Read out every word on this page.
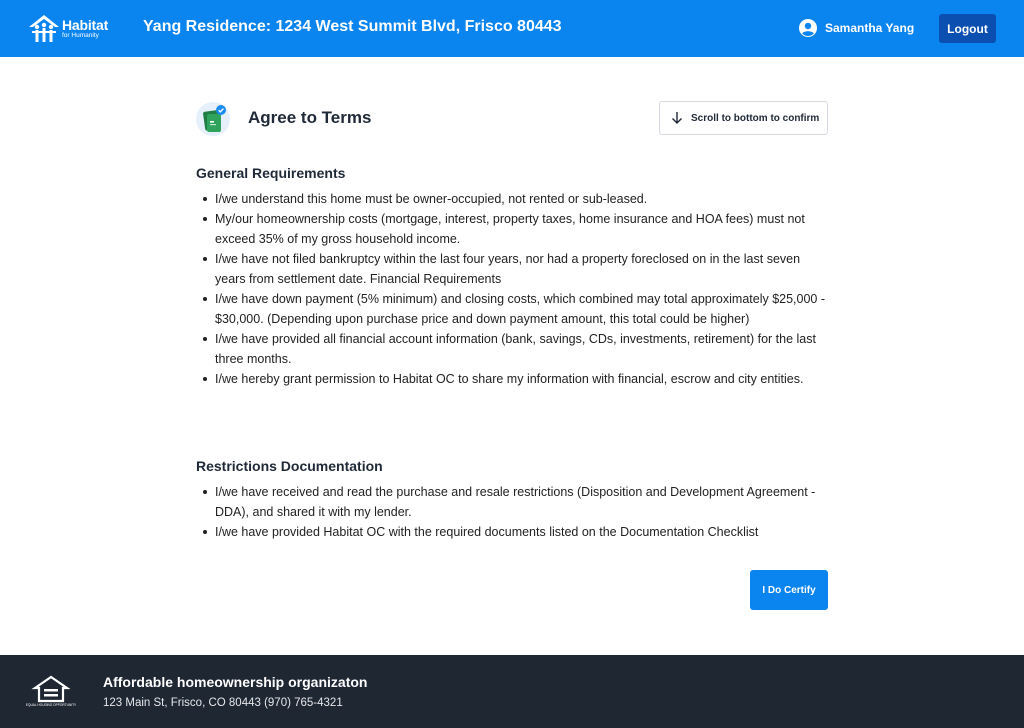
Habitat
for Humanity
Yang Residence: 1234 West Summit Blvd, Frisco 80443	Samantha Yang	Logout
Agree to Terms	Scroll to bottom to confirm
General Requirements
I/we understand this home must be owner-occupied, not rented or sub-leased.
My/our homeownership costs (mortgage, interest, property taxes, home insurance and HOA fees) must not exceed 35% of my gross household income.
I/we have not filed bankruptcy within the last four years, nor had a property foreclosed on in the last seven years from settlement date. Financial Requirements
I/we have down payment (5% minimum) and closing costs, which combined may total approximately $25,000 - $30,000. (Depending upon purchase price and down payment amount, this total could be higher)
I/we have provided all financial account information (bank, savings, CDs, investments, retirement) for the last three months.
I/we hereby grant permission to Habitat OC to share my information with financial, escrow and city entities.
Restrictions Documentation
I/we have received and read the purchase and resale restrictions (Disposition and Development Agreement - DDA), and shared it with my lender.
I/we have provided Habitat OC with the required documents listed on the Documentation Checklist
I Do Certify
EQUAL HOUSING OPPORTUNITY
Affordable homeownership organizaton
123 Main St, Frisco, CO 80443 (970) 765-4321
